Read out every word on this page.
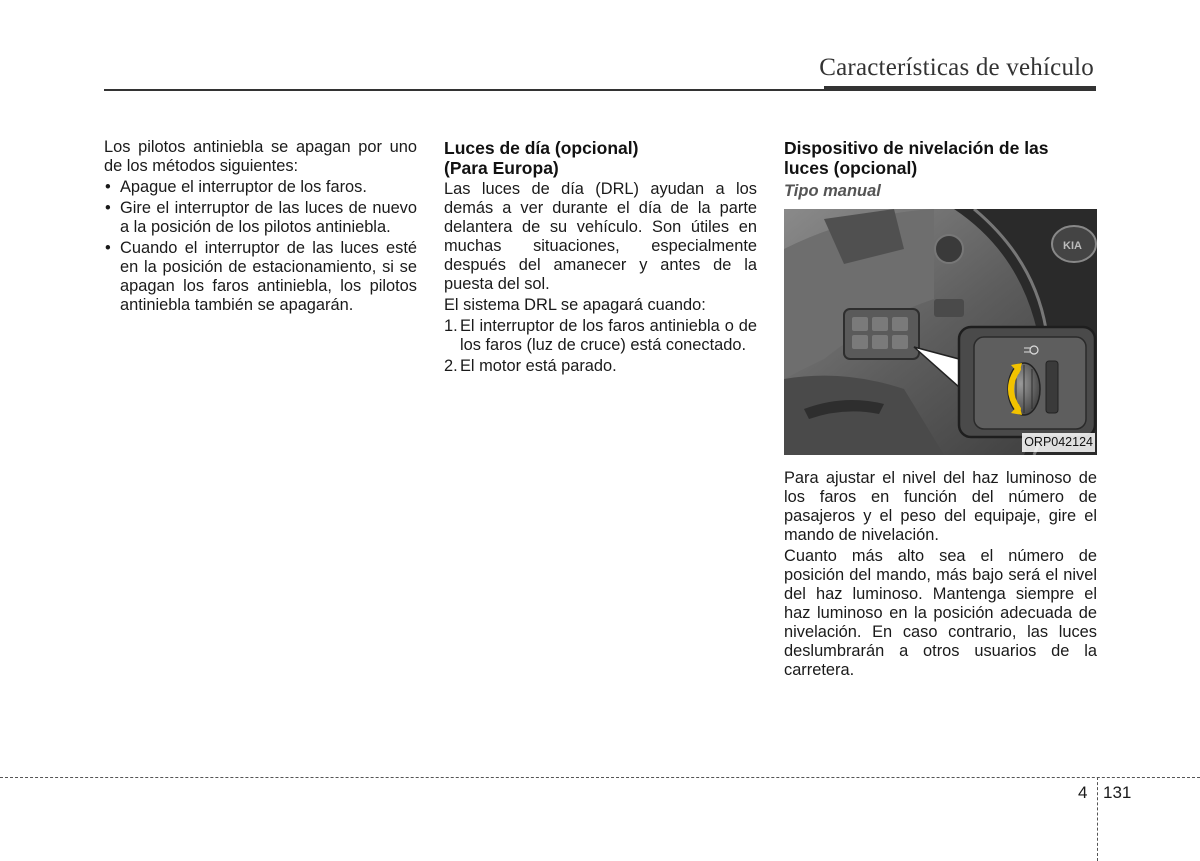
Características de vehículo

Los pilotos antiniebla se apagan por uno de los métodos siguientes:

• Apague el interruptor de los faros.
• Gire el interruptor de las luces de nuevo a la posición de los pilotos antiniebla.
• Cuando el interruptor de las luces esté en la posición de estacionamiento, si se apagan los faros antiniebla, los pilotos antiniebla también se apagarán.
Luces de día (opcional)
(Para Europa)

Las luces de día (DRL) ayudan a los demás a ver durante el día de la parte delantera de su vehículo. Son útiles en muchas situaciones, especialmente después del amanecer y antes de la puesta del sol.

El sistema DRL se apagará cuando:

1. El interruptor de los faros antiniebla o de los faros (luz de cruce) está conectado.
2. El motor está parado.
Dispositivo de nivelación de las
luces (opcional)
Tipo manual
KIA
ORP042124

Para ajustar el nivel del haz luminoso de los faros en función del número de pasajeros y el peso del equipaje, gire el mando de nivelación.

Cuanto más alto sea el número de posición del mando, más bajo será el nivel del haz luminoso. Mantenga siempre el haz luminoso en la posición adecuada de nivelación. En caso contrario, las luces deslumbrarán a otros usuarios de la carretera.

4 131
